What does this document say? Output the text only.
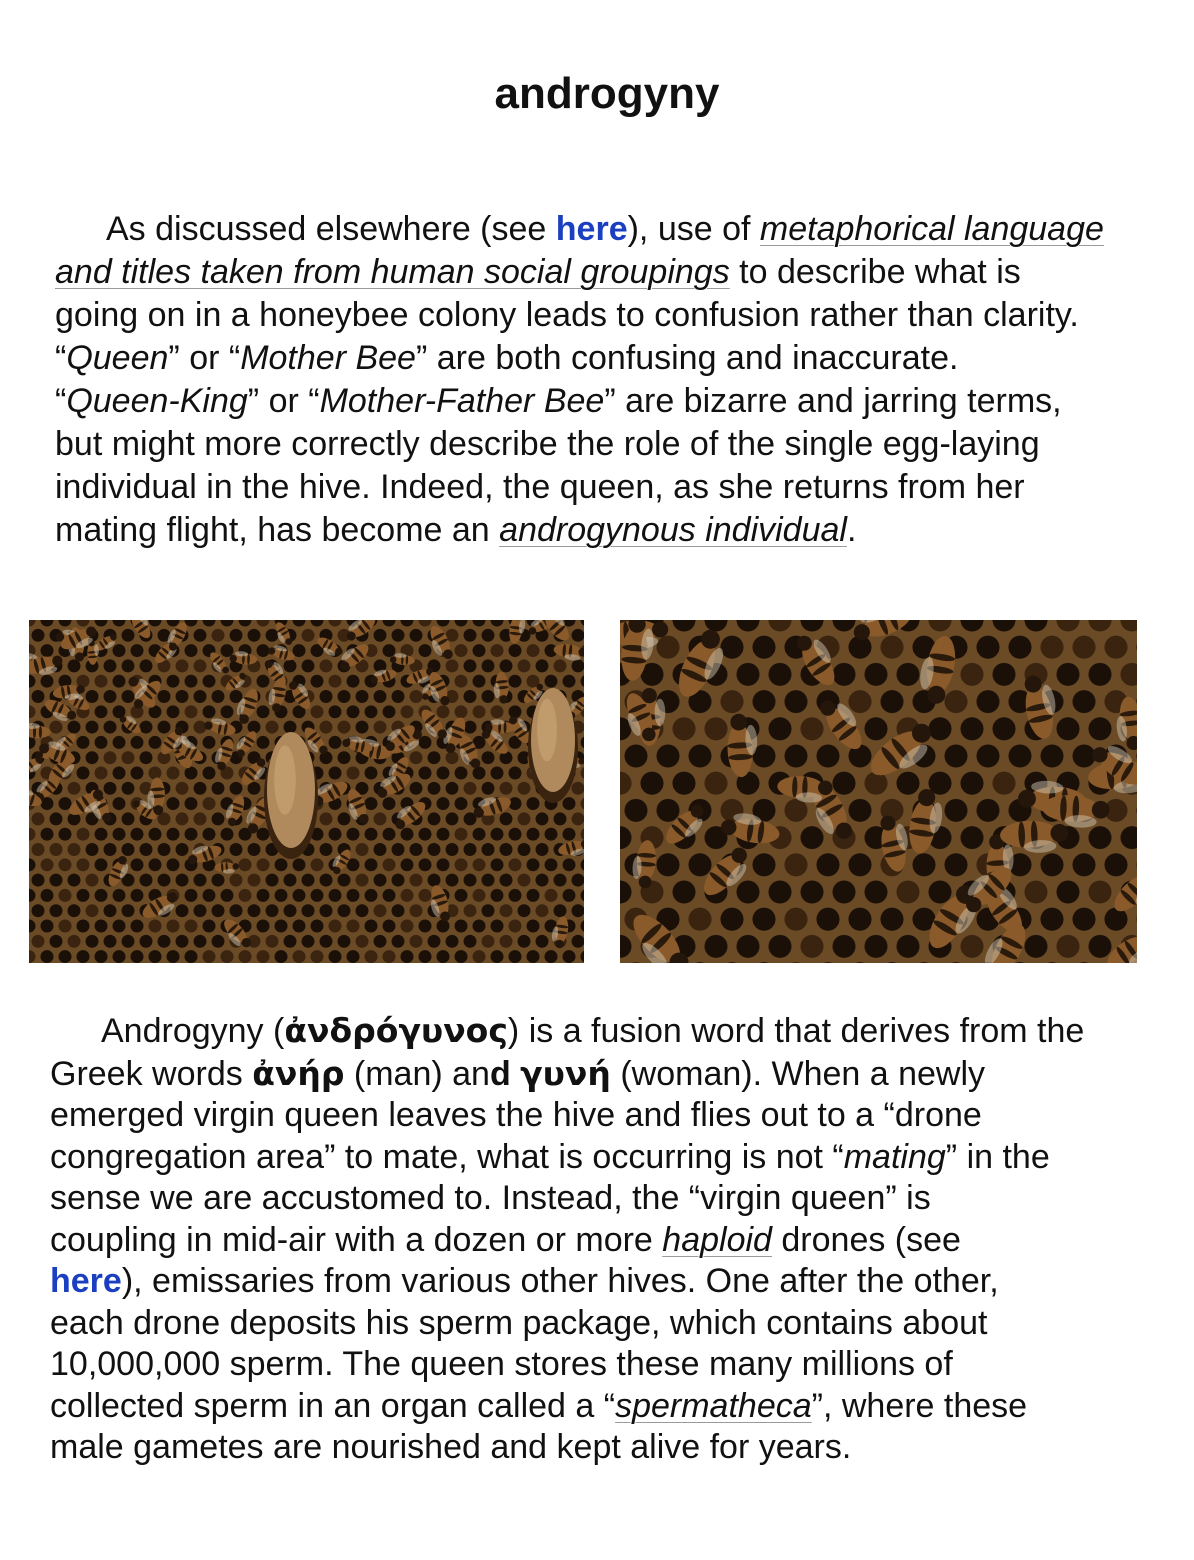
androgyny

  As discussed elsewhere (see here), use of metaphorical language
and titles taken from human social groupings to describe what is
going on in a honeybee colony leads to confusion rather than clarity.
“Queen” or “Mother Bee” are both confusing and inaccurate.
“Queen-King” or “Mother-Father Bee” are bizarre and jarring terms,
but might more correctly describe the role of the single egg-laying
individual in the hive. Indeed, the queen, as she returns from her
mating flight, has become an androgynous individual.

  Androgyny (ἀνδρόγυνος) is a fusion word that derives from the
Greek words ἀνήρ (man) and γυνή (woman). When a newly
emerged virgin queen leaves the hive and flies out to a “drone
congregation area” to mate, what is occurring is not “mating” in the
sense we are accustomed to. Instead, the “virgin queen” is
coupling in mid-air with a dozen or more haploid drones (see
here), emissaries from various other hives. One after the other,
each drone deposits his sperm package, which contains about
10,000,000 sperm. The queen stores these many millions of
collected sperm in an organ called a “spermatheca”, where these
male gametes are nourished and kept alive for years.
